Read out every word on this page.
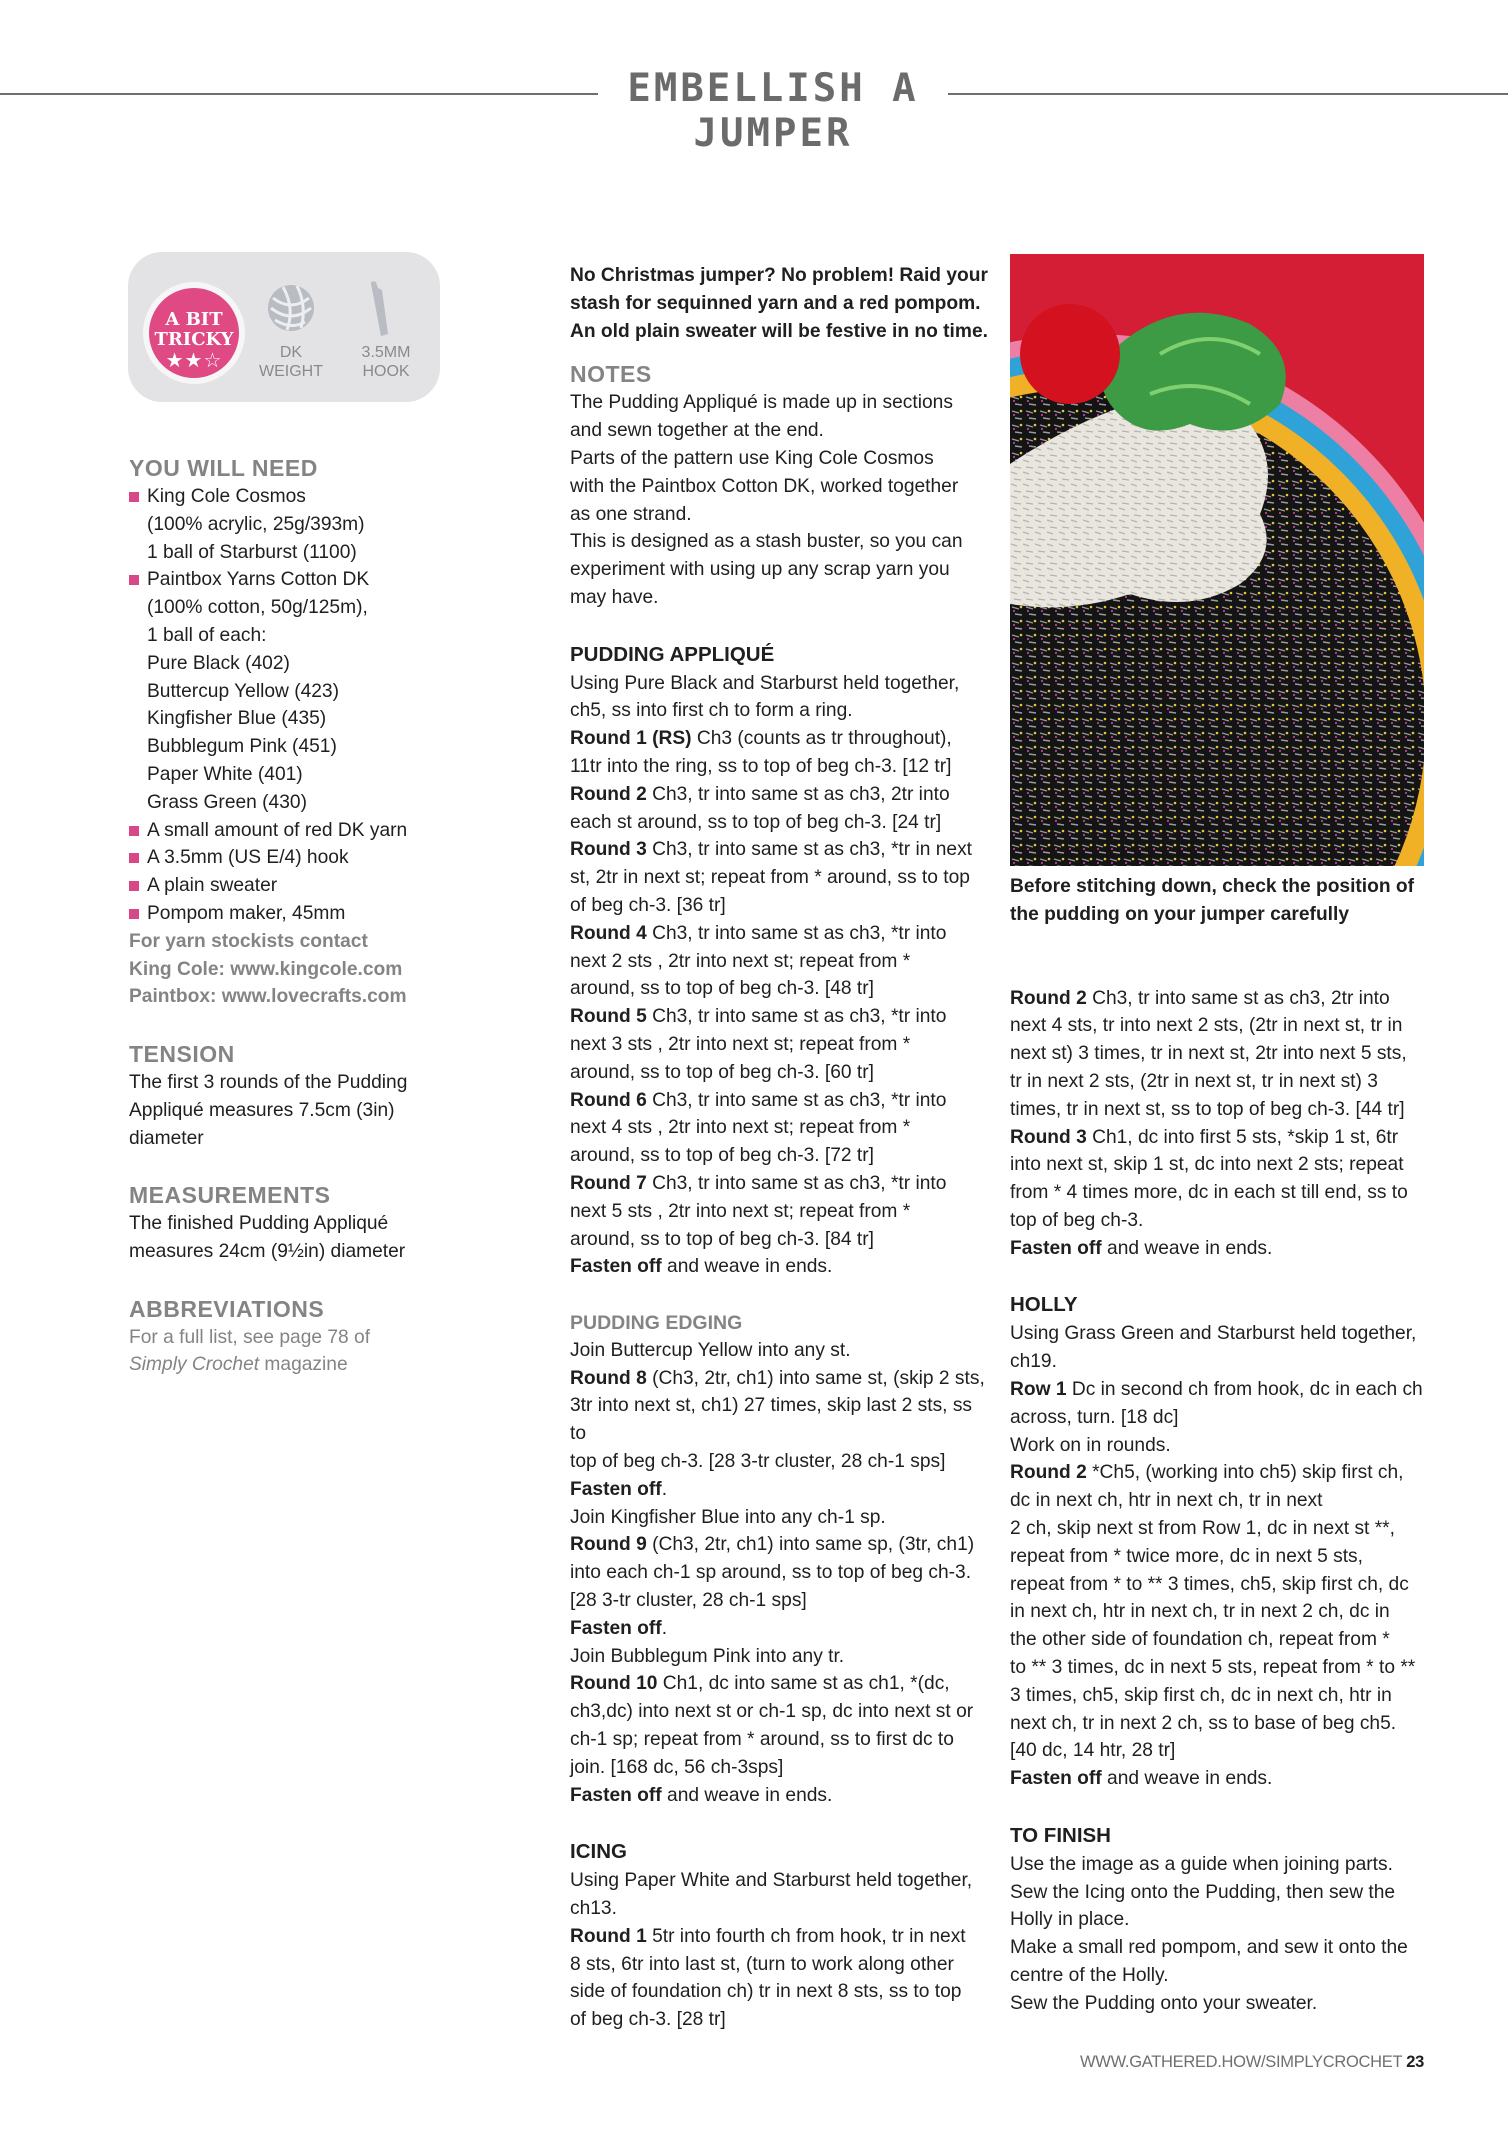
EMBELLISH A JUMPER
A BIT
TRICKY
★★☆	DK
WEIGHT
3.5MM
HOOK
YOU WILL NEED
King Cole Cosmos
(100% acrylic, 25g/393m)
1 ball of Starburst (1100)
Paintbox Yarns Cotton DK
(100% cotton, 50g/125m),
1 ball of each:
Pure Black (402)
Buttercup Yellow (423)
Kingfisher Blue (435)
Bubblegum Pink (451)
Paper White (401)
Grass Green (430)
A small amount of red DK yarn
A 3.5mm (US E/4) hook
A plain sweater
Pompom maker, 45mm

For yarn stockists contact

King Cole: www.kingcole.com

Paintbox: www.lovecrafts.com

TENSION

The first 3 rounds of the Pudding

Appliqué measures 7.5cm (3in)

diameter

MEASUREMENTS

The finished Pudding Appliqué

measures 24cm (9½in) diameter

ABBREVIATIONS

For a full list, see page 78 of

Simply Crochet magazine

No Christmas jumper? No problem! Raid your

stash for sequinned yarn and a red pompom.

An old plain sweater will be festive in no time.

NOTES

The Pudding Appliqué is made up in sections

and sewn together at the end.

Parts of the pattern use King Cole Cosmos

with the Paintbox Cotton DK, worked together

as one strand.

This is designed as a stash buster, so you can

experiment with using up any scrap yarn you

may have.

PUDDING APPLIQUÉ

Using Pure Black and Starburst held together,

ch5, ss into first ch to form a ring.

Round 1 (RS) Ch3 (counts as tr throughout),

11tr into the ring, ss to top of beg ch-3. [12 tr]

Round 2 Ch3, tr into same st as ch3, 2tr into

each st around, ss to top of beg ch-3. [24 tr]

Round 3 Ch3, tr into same st as ch3, *tr in next

st, 2tr in next st; repeat from * around, ss to top

of beg ch-3. [36 tr]

Round 4 Ch3, tr into same st as ch3, *tr into

next 2 sts , 2tr into next st; repeat from *

around, ss to top of beg ch-3. [48 tr]

Round 5 Ch3, tr into same st as ch3, *tr into

next 3 sts , 2tr into next st; repeat from *

around, ss to top of beg ch-3. [60 tr]

Round 6 Ch3, tr into same st as ch3, *tr into

next 4 sts , 2tr into next st; repeat from *

around, ss to top of beg ch-3. [72 tr]

Round 7 Ch3, tr into same st as ch3, *tr into

next 5 sts , 2tr into next st; repeat from *

around, ss to top of beg ch-3. [84 tr]

Fasten off and weave in ends.

PUDDING EDGING

Join Buttercup Yellow into any st.

Round 8 (Ch3, 2tr, ch1) into same st, (skip 2 sts,

3tr into next st, ch1) 27 times, skip last 2 sts, ss to

top of beg ch-3. [28 3-tr cluster, 28 ch-1 sps]

Fasten off.

Join Kingfisher Blue into any ch-1 sp.

Round 9 (Ch3, 2tr, ch1) into same sp, (3tr, ch1)

into each ch-1 sp around, ss to top of beg ch-3.

[28 3-tr cluster, 28 ch-1 sps]

Fasten off.

Join Bubblegum Pink into any tr.

Round 10 Ch1, dc into same st as ch1, *(dc,

ch3,dc) into next st or ch-1 sp, dc into next st or

ch-1 sp; repeat from * around, ss to first dc to

join. [168 dc, 56 ch-3sps]

Fasten off and weave in ends.

ICING

Using Paper White and Starburst held together,

ch13.

Round 1 5tr into fourth ch from hook, tr in next

8 sts, 6tr into last st, (turn to work along other

side of foundation ch) tr in next 8 sts, ss to top

of beg ch-3. [28 tr]

Before stitching down, check the position of

the pudding on your jumper carefully

Round 2 Ch3, tr into same st as ch3, 2tr into

next 4 sts, tr into next 2 sts, (2tr in next st, tr in

next st) 3 times, tr in next st, 2tr into next 5 sts,

tr in next 2 sts, (2tr in next st, tr in next st) 3

times, tr in next st, ss to top of beg ch-3. [44 tr]

Round 3 Ch1, dc into first 5 sts, *skip 1 st, 6tr

into next st, skip 1 st, dc into next 2 sts; repeat

from * 4 times more, dc in each st till end, ss to

top of beg ch-3.

Fasten off and weave in ends.

HOLLY

Using Grass Green and Starburst held together,

ch19.

Row 1 Dc in second ch from hook, dc in each ch

across, turn. [18 dc]

Work on in rounds.

Round 2 *Ch5, (working into ch5) skip first ch,

dc in next ch, htr in next ch, tr in next

2 ch, skip next st from Row 1, dc in next st **,

repeat from * twice more, dc in next 5 sts,

repeat from * to ** 3 times, ch5, skip first ch, dc

in next ch, htr in next ch, tr in next 2 ch, dc in

the other side of foundation ch, repeat from *

to ** 3 times, dc in next 5 sts, repeat from * to **

3 times, ch5, skip first ch, dc in next ch, htr in

next ch, tr in next 2 ch, ss to base of beg ch5.

[40 dc, 14 htr, 28 tr]

Fasten off and weave in ends.

TO FINISH

Use the image as a guide when joining parts.

Sew the Icing onto the Pudding, then sew the

Holly in place.

Make a small red pompom, and sew it onto the

centre of the Holly.

Sew the Pudding onto your sweater.

WWW.GATHERED.HOW/SIMPLYCROCHET 23
